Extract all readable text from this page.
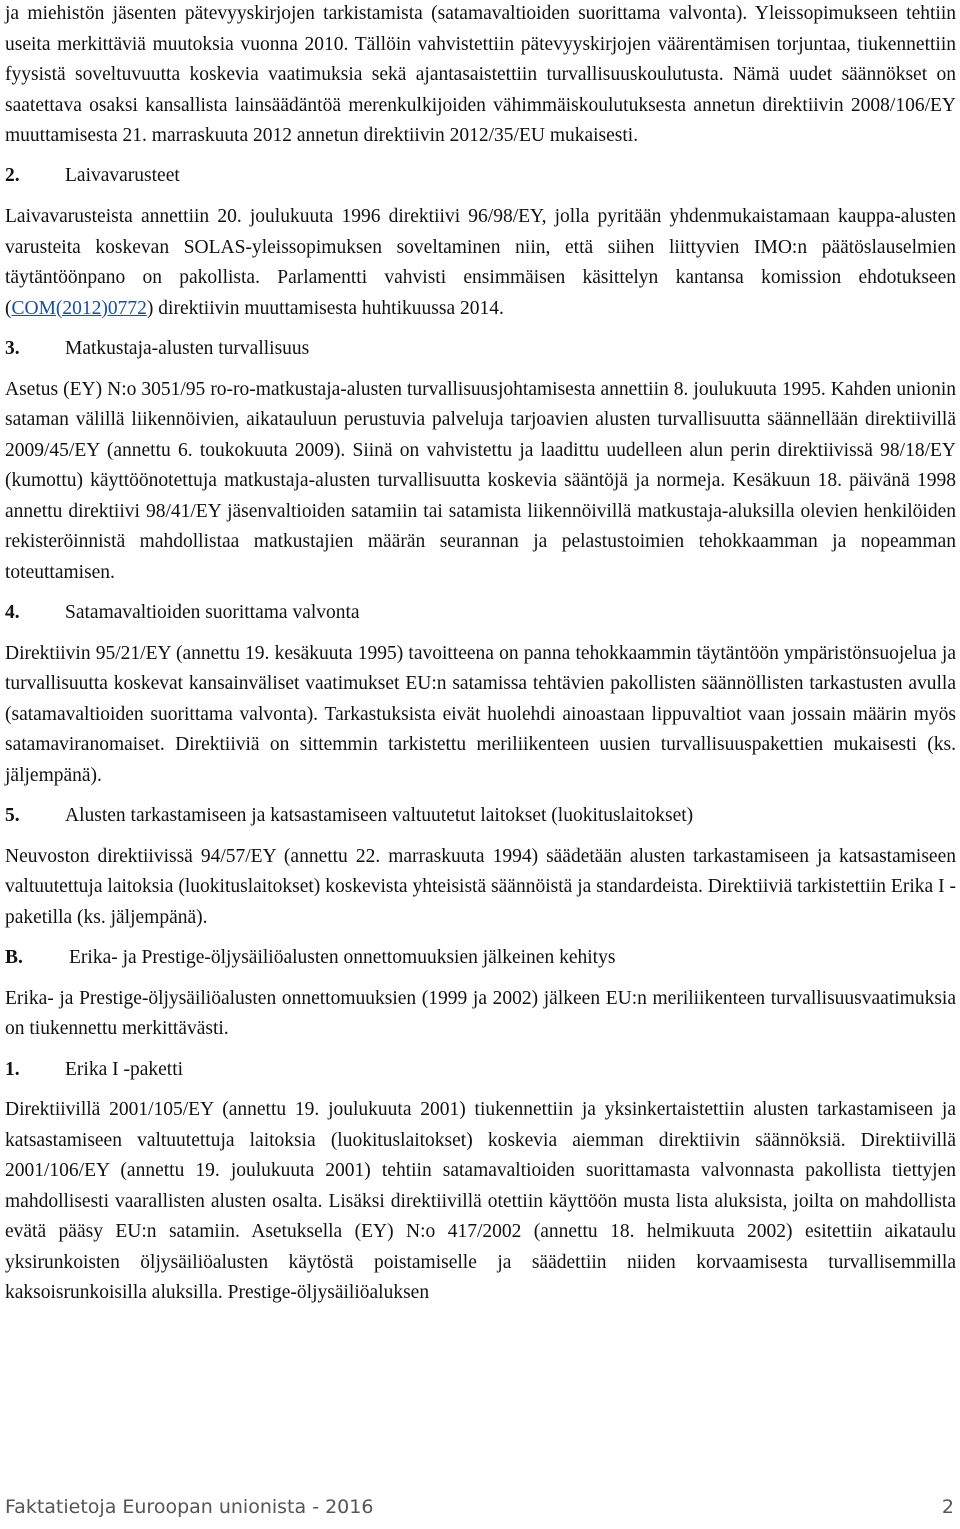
ja miehistön jäsenten pätevyyskirjojen tarkistamista (satamavaltioiden suorittama valvonta). Yleissopimukseen tehtiin useita merkittäviä muutoksia vuonna 2010. Tällöin vahvistettiin pätevyyskirjojen väärentämisen torjuntaa, tiukennettiin fyysistä soveltuvuutta koskevia vaatimuksia sekä ajantasaistettiin turvallisuuskoulutusta. Nämä uudet säännökset on saatettava osaksi kansallista lainsäädäntöä merenkulkijoiden vähimmäiskoulutuksesta annetun direktiivin 2008/106/EY muuttamisesta 21. marraskuuta 2012 annetun direktiivin 2012/35/EU mukaisesti.

2.	Laivavarusteet

Laivavarusteista annettiin 20. joulukuuta 1996 direktiivi 96/98/EY, jolla pyritään yhdenmukaistamaan kauppa-alusten varusteita koskevan SOLAS-yleissopimuksen soveltaminen niin, että siihen liittyvien IMO:n päätöslauselmien täytäntöönpano on pakollista. Parlamentti vahvisti ensimmäisen käsittelyn kantansa komission ehdotukseen (COM(2012)0772) direktiivin muuttamisesta huhtikuussa 2014.

3.	Matkustaja-alusten turvallisuus

Asetus (EY) N:o 3051/95 ro-ro-matkustaja-alusten turvallisuusjohtamisesta annettiin 8. joulukuuta 1995. Kahden unionin sataman välillä liikennöivien, aikatauluun perustuvia palveluja tarjoavien alusten turvallisuutta säännellään direktiivillä 2009/45/EY (annettu 6. toukokuuta 2009). Siinä on vahvistettu ja laadittu uudelleen alun perin direktiivissä 98/18/EY (kumottu) käyttöönotettuja matkustaja-alusten turvallisuutta koskevia sääntöjä ja normeja. Kesäkuun 18. päivänä 1998 annettu direktiivi 98/41/EY jäsenvaltioiden satamiin tai satamista liikennöivillä matkustaja-aluksilla olevien henkilöiden rekisteröinnistä mahdollistaa matkustajien määrän seurannan ja pelastustoimien tehokkaamman ja nopeamman toteuttamisen.

4.	Satamavaltioiden suorittama valvonta

Direktiivin 95/21/EY (annettu 19. kesäkuuta 1995) tavoitteena on panna tehokkaammin täytäntöön ympäristönsuojelua ja turvallisuutta koskevat kansainväliset vaatimukset EU:n satamissa tehtävien pakollisten säännöllisten tarkastusten avulla (satamavaltioiden suorittama valvonta). Tarkastuksista eivät huolehdi ainoastaan lippuvaltiot vaan jossain määrin myös satamaviranomaiset. Direktiiviä on sittemmin tarkistettu meriliikenteen uusien turvallisuuspakettien mukaisesti (ks. jäljempänä).

5.	Alusten tarkastamiseen ja katsastamiseen valtuutetut laitokset (luokituslaitokset)

Neuvoston direktiivissä 94/57/EY (annettu 22. marraskuuta 1994) säädetään alusten tarkastamiseen ja katsastamiseen valtuutettuja laitoksia (luokituslaitokset) koskevista yhteisistä säännöistä ja standardeista. Direktiiviä tarkistettiin Erika I -paketilla (ks. jäljempänä).

B.	Erika- ja Prestige-öljysäiliöalusten onnettomuuksien jälkeinen kehitys

Erika- ja Prestige-öljysäiliöalusten onnettomuuksien (1999 ja 2002) jälkeen EU:n meriliikenteen turvallisuusvaatimuksia on tiukennettu merkittävästi.

1.	Erika I -paketti

Direktiivillä 2001/105/EY (annettu 19. joulukuuta 2001) tiukennettiin ja yksinkertaistettiin alusten tarkastamiseen ja katsastamiseen valtuutettuja laitoksia (luokituslaitokset) koskevia aiemman direktiivin säännöksiä. Direktiivillä 2001/106/EY (annettu 19. joulukuuta 2001) tehtiin satamavaltioiden suorittamasta valvonnasta pakollista tiettyjen mahdollisesti vaarallisten alusten osalta. Lisäksi direktiivillä otettiin käyttöön musta lista aluksista, joilta on mahdollista evätä pääsy EU:n satamiin. Asetuksella (EY) N:o 417/2002 (annettu 18. helmikuuta 2002) esitettiin aikataulu yksirunkoisten öljysäiliöalusten käytöstä poistamiselle ja säädettiin niiden korvaamisesta turvallisemmilla kaksoisrunkoisilla aluksilla. Prestige-öljysäiliöaluksen

Faktatietoja Euroopan unionista - 2016	2
